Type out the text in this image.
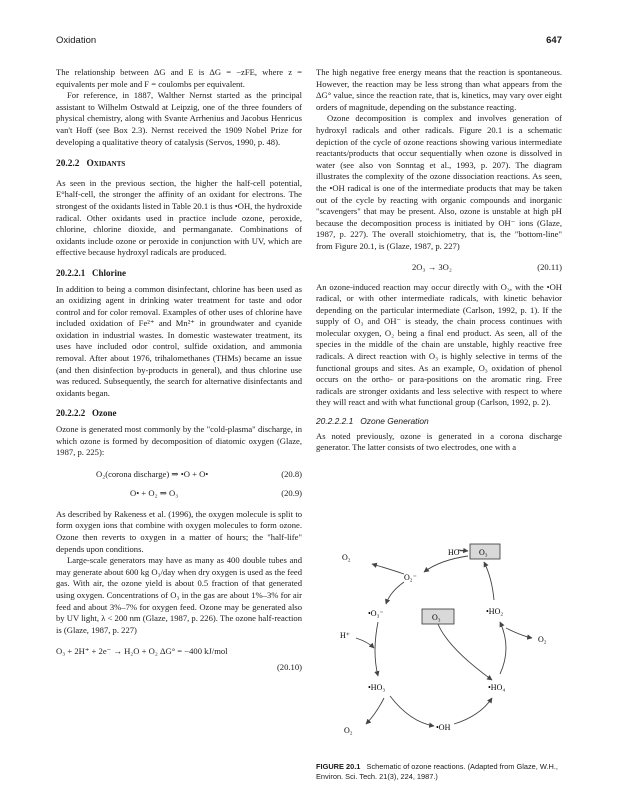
Oxidation	647

The relationship between ΔG and E is ΔG = −zFE, where z = equivalents per mole and F = coulombs per equivalent.

For reference, in 1887, Walther Nernst started as the principal assistant to Wilhelm Ostwald at Leipzig, one of the three founders of physical chemistry, along with Svante Arrhenius and Jacobus Henricus van't Hoff (see Box 2.3). Nernst received the 1909 Nobel Prize for developing a qualitative theory of catalysis (Servos, 1990, p. 48).

20.2.2 Oxidants

As seen in the previous section, the higher the half-cell potential, E°half-cell, the stronger the affinity of an oxidant for electrons. The strongest of the oxidants listed in Table 20.1 is thus •OH, the hydroxide radical. Other oxidants used in practice include ozone, peroxide, chlorine, chlorine dioxide, and permanganate. Combinations of oxidants include ozone or peroxide in conjunction with UV, which are effective because hydroxyl radicals are produced.

20.2.2.1 Chlorine

In addition to being a common disinfectant, chlorine has been used as an oxidizing agent in drinking water treatment for taste and odor control and for color removal. Examples of other uses of chlorine have included oxidation of Fe²⁺ and Mn²⁺ in groundwater and cyanide oxidation in industrial wastes. In domestic wastewater treatment, its uses have included odor control, sulfide oxidation, and ammonia removal. After about 1976, trihalomethanes (THMs) became an issue (and then disinfection by-products in general), and thus chlorine use was reduced. Subsequently, the search for alternative disinfectants and oxidants began.

20.2.2.2 Ozone

Ozone is generated most commonly by the "cold-plasma" discharge, in which ozone is formed by decomposition of diatomic oxygen (Glaze, 1987, p. 225):

O₂(corona discharge) ⇒ •O + O•	(20.8)
O• + O₂ ⇒ O₃	(20.9)

As described by Rakeness et al. (1996), the oxygen molecule is split to form oxygen ions that combine with oxygen molecules to form ozone. Ozone then reverts to oxygen in a matter of hours; the "half-life" depends upon conditions.

Large-scale generators may have as many as 400 double tubes and may generate about 600 kg O₃/day when dry oxygen is used as the feed gas. With air, the ozone yield is about 0.5 fraction of that generated using oxygen. Concentrations of O₃ in the gas are about 1%–3% for air feed and about 3%–7% for oxygen feed. Ozone may be generated also by UV light, λ < 200 nm (Glaze, 1987, p. 226). The ozone half-reaction is (Glaze, 1987, p. 227)

O₃ + 2H⁺ + 2e⁻ → H₂O + O₂ ΔG° = −400 kJ/mol
(20.10)

The high negative free energy means that the reaction is spontaneous. However, the reaction may be less strong than what appears from the ΔG° value, since the reaction rate, that is, kinetics, may vary over eight orders of magnitude, depending on the substance reacting.

Ozone decomposition is complex and involves generation of hydroxyl radicals and other radicals. Figure 20.1 is a schematic depiction of the cycle of ozone reactions showing various intermediate reactants/products that occur sequentially when ozone is dissolved in water (see also von Sonntag et al., 1993, p. 207). The diagram illustrates the complexity of the ozone dissociation reactions. As seen, the •OH radical is one of the intermediate products that may be taken out of the cycle by reacting with organic compounds and inorganic "scavengers" that may be present. Also, ozone is unstable at high pH because the decomposition process is initiated by OH⁻ ions (Glaze, 1987, p. 227). The overall stoichiometry, that is, the "bottom-line" from Figure 20.1, is (Glaze, 1987, p. 227)

2O₃ → 3O₂	(20.11)

An ozone-induced reaction may occur directly with O₃, with the •OH radical, or with other intermediate radicals, with kinetic behavior depending on the particular intermediate (Carlson, 1992, p. 1). If the supply of O₃ and OH⁻ is steady, the chain process continues with molecular oxygen, O₂ being a final end product. As seen, all of the species in the middle of the chain are unstable, highly reactive free radicals. A direct reaction with O₃ is highly selective in terms of the functional groups and sites. As an example, O₃ oxidation of phenol occurs on the ortho- or para-positions on the aromatic ring. Free radicals are stronger oxidants and less selective with respect to where they will react and with what functional group (Carlson, 1992, p. 2).

20.2.2.2.1 Ozone Generation

As noted previously, ozone is generated in a corona discharge generator. The latter consists of two electrodes, one with a

HO⁻ O₃
O₂
O₂⁻
•O₃⁻	•HO₂
O₃
H⁺	O₂
•HO₃	•HO₄
O₂	•OH
FIGURE 20.1 Schematic of ozone reactions. (Adapted from Glaze, W.H., Environ. Sci. Tech. 21(3), 224, 1987.)
